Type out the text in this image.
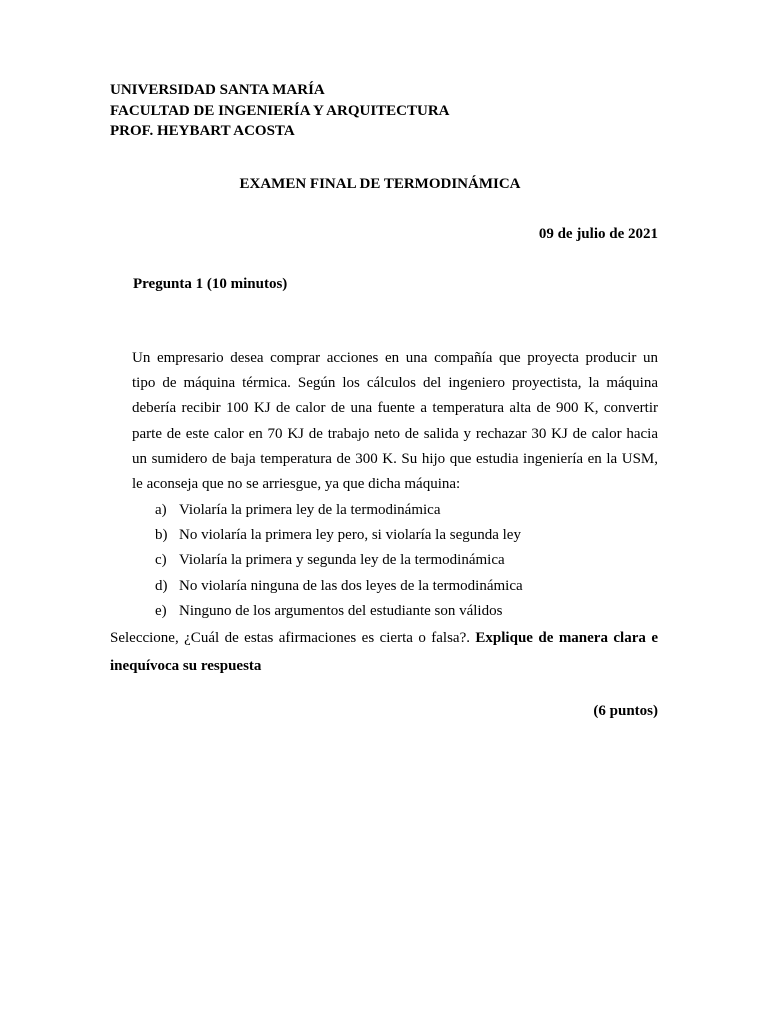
UNIVERSIDAD SANTA MARÍA
FACULTAD DE INGENIERÍA Y ARQUITECTURA
PROF. HEYBART ACOSTA
EXAMEN FINAL DE TERMODINÁMICA
09 de julio de 2021
Pregunta 1 (10 minutos)
Un empresario desea comprar acciones en una compañía que proyecta producir un
tipo de máquina térmica. Según los cálculos del ingeniero proyectista, la máquina
debería recibir 100 KJ de calor de una fuente a temperatura alta de 900 K, convertir
parte de este calor en 70 KJ de trabajo neto de salida y rechazar 30 KJ de calor hacia
un sumidero de baja temperatura de 300 K. Su hijo que estudia ingeniería en la USM,
le aconseja que no se arriesgue, ya que dicha máquina:
a) Violaría la primera ley de la termodinámica
b) No violaría la primera ley pero, si violaría la segunda ley
c) Violaría la primera y segunda ley de la termodinámica
d) No violaría ninguna de las dos leyes de la termodinámica
e) Ninguno de los argumentos del estudiante son válidos
Seleccione, ¿Cuál de estas afirmaciones es cierta o falsa?. Explique de manera clara e
inequívoca su respuesta
(6 puntos)
